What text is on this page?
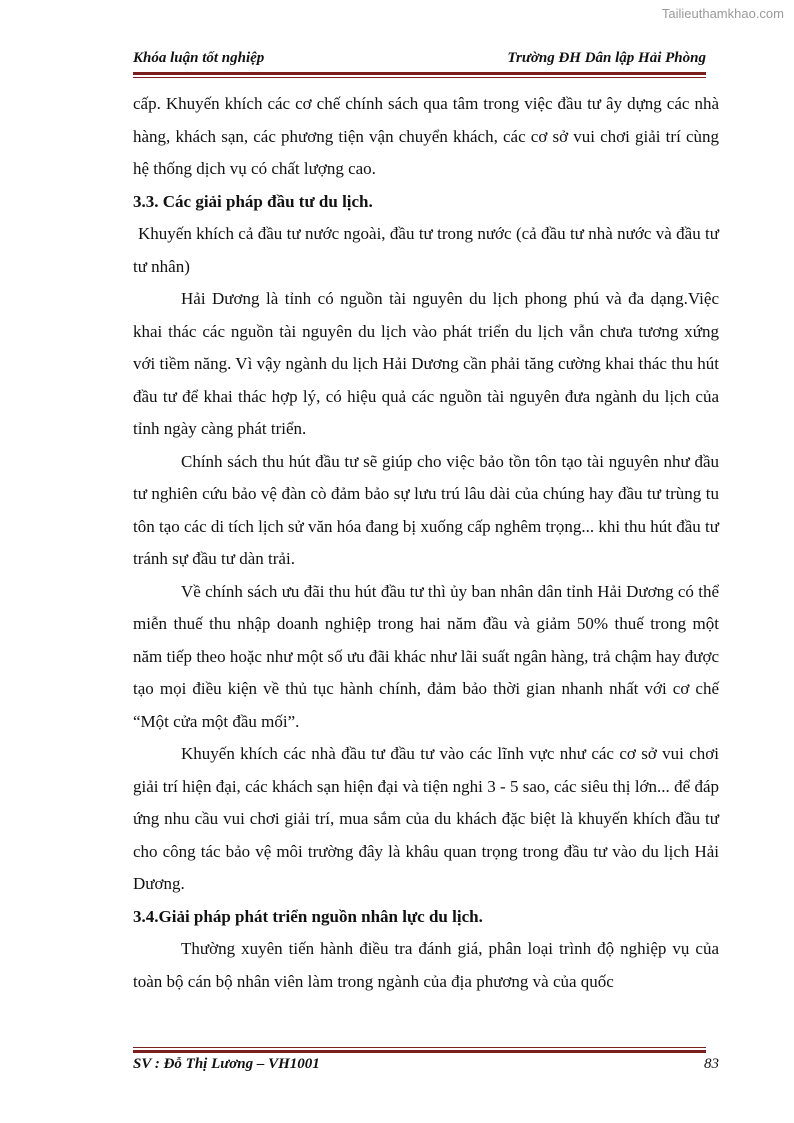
Tailieuthamkhao.com
Khóa luận tốt nghiệp	Trường ĐH Dân lập Hải Phòng

cấp. Khuyến khích các cơ chế chính sách qua tâm trong việc đầu tư ây dựng các nhà hàng, khách sạn, các phương tiện vận chuyển khách, các cơ sở vui chơi giải trí cùng hệ thống dịch vụ có chất lượng cao.

3.3. Các giải pháp đầu tư du lịch.

Khuyến khích cả đầu tư nước ngoài, đầu tư trong nước (cả đầu tư nhà nước và đầu tư tư nhân)

Hải Dương là tỉnh có nguồn tài nguyên du lịch phong phú và đa dạng.Việc khai thác các nguồn tài nguyên du lịch vào phát triển du lịch vẫn chưa tương xứng với tiềm năng. Vì vậy ngành du lịch Hải Dương cần phải tăng cường khai thác thu hút đầu tư để khai thác hợp lý, có hiệu quả các nguồn tài nguyên đưa ngành du lịch của tỉnh ngày càng phát triển.

Chính sách thu hút đầu tư sẽ giúp cho việc bảo tồn tôn tạo tài nguyên như đầu tư nghiên cứu bảo vệ đàn cò đảm bảo sự lưu trú lâu dài của chúng hay đầu tư trùng tu tôn tạo các di tích lịch sử văn hóa đang bị xuống cấp nghêm trọng... khi thu hút đầu tư tránh sự đầu tư dàn trải.

Về chính sách ưu đãi thu hút đầu tư thì ủy ban nhân dân tỉnh Hải Dương có thể miễn thuế thu nhập doanh nghiệp trong hai năm đầu và giảm 50% thuế trong một năm tiếp theo hoặc như một số ưu đãi khác như lãi suất ngân hàng, trả chậm hay được tạo mọi điều kiện về thủ tục hành chính, đảm bảo thời gian nhanh nhất với cơ chế “Một cửa một đầu mối”.

Khuyến khích các nhà đầu tư đầu tư vào các lĩnh vực như các cơ sở vui chơi giải trí hiện đại, các khách sạn hiện đại và tiện nghi 3 - 5 sao, các siêu thị lớn... để đáp ứng nhu cầu vui chơi giải trí, mua sắm của du khách đặc biệt là khuyến khích đầu tư cho công tác bảo vệ môi trường đây là khâu quan trọng trong đầu tư vào du lịch Hải Dương.

3.4.Giải pháp phát triển nguồn nhân lực du lịch.

Thường xuyên tiến hành điều tra đánh giá, phân loại trình độ nghiệp vụ của toàn bộ cán bộ nhân viên làm trong ngành của địa phương và của quốc

SV : Đỗ Thị Lương – VH1001	83
